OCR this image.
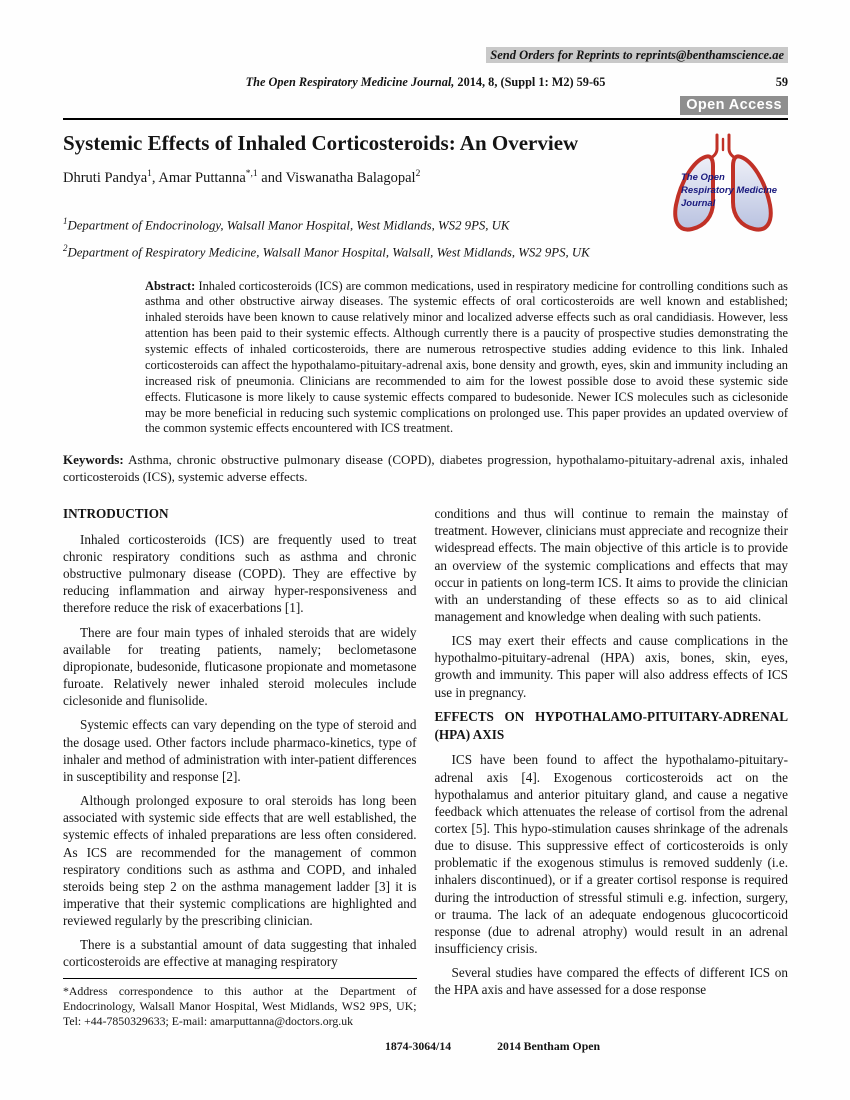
Send Orders for Reprints to reprints@benthamscience.ae
The Open Respiratory Medicine Journal, 2014, 8, (Suppl 1: M2) 59-65	59
Open Access
Systemic Effects of Inhaled Corticosteroids: An Overview
Dhruti Pandya$^1$, Amar Puttanna$^{*,1}$ and Viswanatha Balagopal$^2$

$^1$Department of Endocrinology, Walsall Manor Hospital, West Midlands, WS2 9PS, UK

$^2$Department of Respiratory Medicine, Walsall Manor Hospital, Walsall, West Midlands, WS2 9PS, UK

The Open
Respiratory Medicine
Journal
Abstract: Inhaled corticosteroids (ICS) are common medications, used in respiratory medicine for controlling conditions such as asthma and other obstructive airway diseases. The systemic effects of oral corticosteroids are well known and established; inhaled steroids have been known to cause relatively minor and localized adverse effects such as oral candidiasis. However, less attention has been paid to their systemic effects. Although currently there is a paucity of prospective studies demonstrating the systemic effects of inhaled corticosteroids, there are numerous retrospective studies adding evidence to this link. Inhaled corticosteroids can affect the hypothalamo-pituitary-adrenal axis, bone density and growth, eyes, skin and immunity including an increased risk of pneumonia. Clinicians are recommended to aim for the lowest possible dose to avoid these systemic side effects. Fluticasone is more likely to cause systemic effects compared to budesonide. Newer ICS molecules such as ciclesonide may be more beneficial in reducing such systemic complications on prolonged use. This paper provides an updated overview of the common systemic effects encountered with ICS treatment.
Keywords: Asthma, chronic obstructive pulmonary disease (COPD), diabetes progression, hypothalamo-pituitary-adrenal axis, inhaled corticosteroids (ICS), systemic adverse effects.
INTRODUCTION

Inhaled corticosteroids (ICS) are frequently used to treat chronic respiratory conditions such as asthma and chronic obstructive pulmonary disease (COPD). They are effective by reducing inflammation and airway hyper-responsiveness and therefore reduce the risk of exacerbations [1].

There are four main types of inhaled steroids that are widely available for treating patients, namely; beclometasone dipropionate, budesonide, fluticasone propionate and mometasone furoate. Relatively newer inhaled steroid molecules include ciclesonide and flunisolide.

Systemic effects can vary depending on the type of steroid and the dosage used. Other factors include pharmaco-kinetics, type of inhaler and method of administration with inter-patient differences in susceptibility and response [2].

Although prolonged exposure to oral steroids has long been associated with systemic side effects that are well established, the systemic effects of inhaled preparations are less often considered. As ICS are recommended for the management of common respiratory conditions such as asthma and COPD, and inhaled steroids being step 2 on the asthma management ladder [3] it is imperative that their systemic complications are highlighted and reviewed regularly by the prescribing clinician.

There is a substantial amount of data suggesting that inhaled corticosteroids are effective at managing respiratory

*Address correspondence to this author at the Department of Endocrinology, Walsall Manor Hospital, West Midlands, WS2 9PS, UK; Tel: +44-7850329633; E-mail: amarputtanna@doctors.org.uk

conditions and thus will continue to remain the mainstay of treatment. However, clinicians must appreciate and recognize their widespread effects. The main objective of this article is to provide an overview of the systemic complications and effects that may occur in patients on long-term ICS. It aims to provide the clinician with an understanding of these effects so as to aid clinical management and knowledge when dealing with such patients.

ICS may exert their effects and cause complications in the hypothalmo-pituitary-adrenal (HPA) axis, bones, skin, eyes, growth and immunity. This paper will also address effects of ICS use in pregnancy.

EFFECTS ON HYPOTHALAMO-PITUITARY-ADRENAL (HPA) AXIS

ICS have been found to affect the hypothalamo-pituitary-adrenal axis [4]. Exogenous corticosteroids act on the hypothalamus and anterior pituitary gland, and cause a negative feedback which attenuates the release of cortisol from the adrenal cortex [5]. This hypo-stimulation causes shrinkage of the adrenals due to disuse. This suppressive effect of corticosteroids is only problematic if the exogenous stimulus is removed suddenly (i.e. inhalers discontinued), or if a greater cortisol response is required during the introduction of stressful stimuli e.g. infection, surgery, or trauma. The lack of an adequate endogenous glucocorticoid response (due to adrenal atrophy) would result in an adrenal insufficiency crisis.

Several studies have compared the effects of different ICS on the HPA axis and have assessed for a dose response

1874-3064/14	2014 Bentham Open
